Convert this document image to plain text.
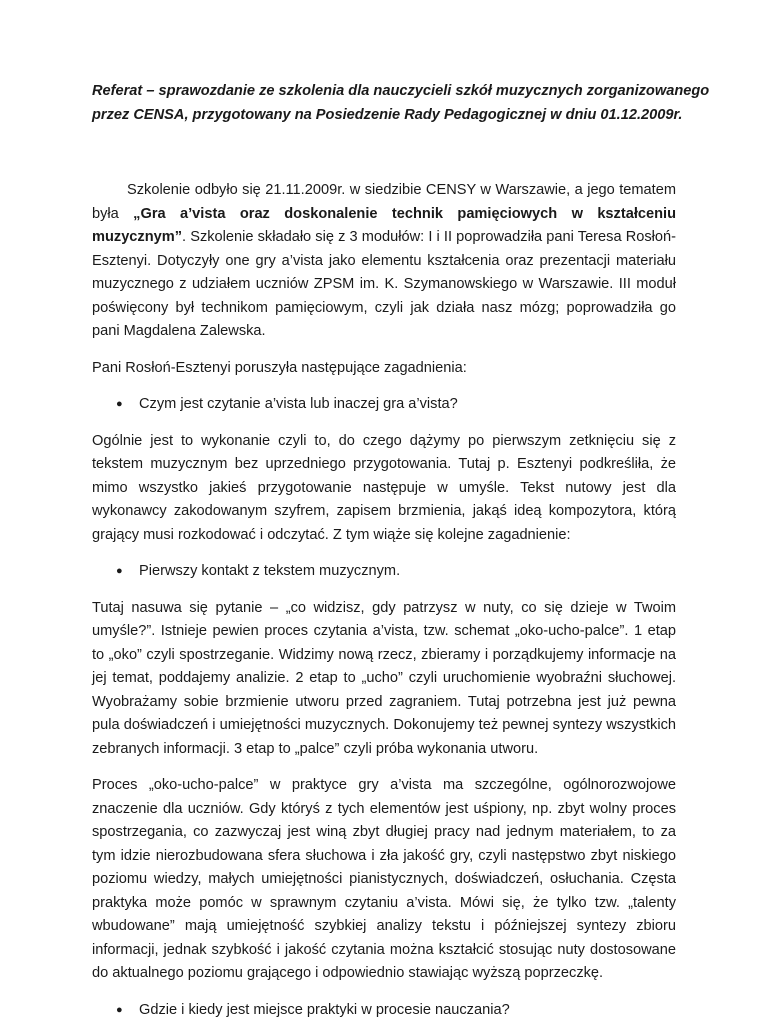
Referat – sprawozdanie ze szkolenia dla nauczycieli szkół muzycznych zorganizowanego
przez CENSA, przygotowany na Posiedzenie Rady Pedagogicznej w dniu 01.12.2009r.

Szkolenie odbyło się 21.11.2009r. w siedzibie CENSY w Warszawie, a jego tematem była „Gra a’vista oraz doskonalenie technik pamięciowych w kształceniu muzycznym”. Szkolenie składało się z 3 modułów: I i II poprowadziła pani Teresa Rosłoń-Esztenyi. Dotyczyły one gry a’vista jako elementu kształcenia oraz prezentacji materiału muzycznego z udziałem uczniów ZPSM im. K. Szymanowskiego w Warszawie. III moduł poświęcony był technikom pamięciowym, czyli jak działa nasz mózg; poprowadziła go pani Magdalena Zalewska.

Pani Rosłoń-Esztenyi poruszyła następujące zagadnienia:

●	Czym jest czytanie a’vista lub inaczej gra a’vista?

Ogólnie jest to wykonanie czyli to, do czego dążymy po pierwszym zetknięciu się z tekstem muzycznym bez uprzedniego przygotowania. Tutaj p. Esztenyi podkreśliła, że mimo wszystko jakieś przygotowanie następuje w umyśle. Tekst nutowy jest dla wykonawcy zakodowanym szyfrem, zapisem brzmienia, jakąś ideą kompozytora, którą grający musi rozkodować i odczytać. Z tym wiąże się kolejne zagadnienie:

●	Pierwszy kontakt z tekstem muzycznym.

Tutaj nasuwa się pytanie – „co widzisz, gdy patrzysz w nuty, co się dzieje w Twoim umyśle?”. Istnieje pewien proces czytania a’vista, tzw. schemat „oko-ucho-palce”. 1 etap to „oko” czyli spostrzeganie. Widzimy nową rzecz, zbieramy i porządkujemy informacje na jej temat, poddajemy analizie. 2 etap to „ucho” czyli uruchomienie wyobraźni słuchowej. Wyobrażamy sobie brzmienie utworu przed zagraniem. Tutaj potrzebna jest już pewna pula doświadczeń i umiejętności muzycznych. Dokonujemy też pewnej syntezy wszystkich zebranych informacji. 3 etap to „palce” czyli próba wykonania utworu.

Proces „oko-ucho-palce” w praktyce gry a’vista ma szczególne, ogólnorozwojowe znaczenie dla uczniów. Gdy któryś z tych elementów jest uśpiony, np. zbyt wolny proces spostrzegania, co zazwyczaj jest winą zbyt długiej pracy nad jednym materiałem, to za tym idzie nierozbudowana sfera słuchowa i zła jakość gry, czyli następstwo zbyt niskiego poziomu wiedzy, małych umiejętności pianistycznych, doświadczeń, osłuchania. Częsta praktyka może pomóc w sprawnym czytaniu a’vista. Mówi się, że tylko tzw. „talenty wbudowane” mają umiejętność szybkiej analizy tekstu i późniejszej syntezy zbioru informacji, jednak szybkość i jakość czytania można kształcić stosując nuty dostosowane do aktualnego poziomu grającego i odpowiednio stawiając wyższą poprzeczkę.

●	Gdzie i kiedy jest miejsce praktyki w procesie nauczania?
